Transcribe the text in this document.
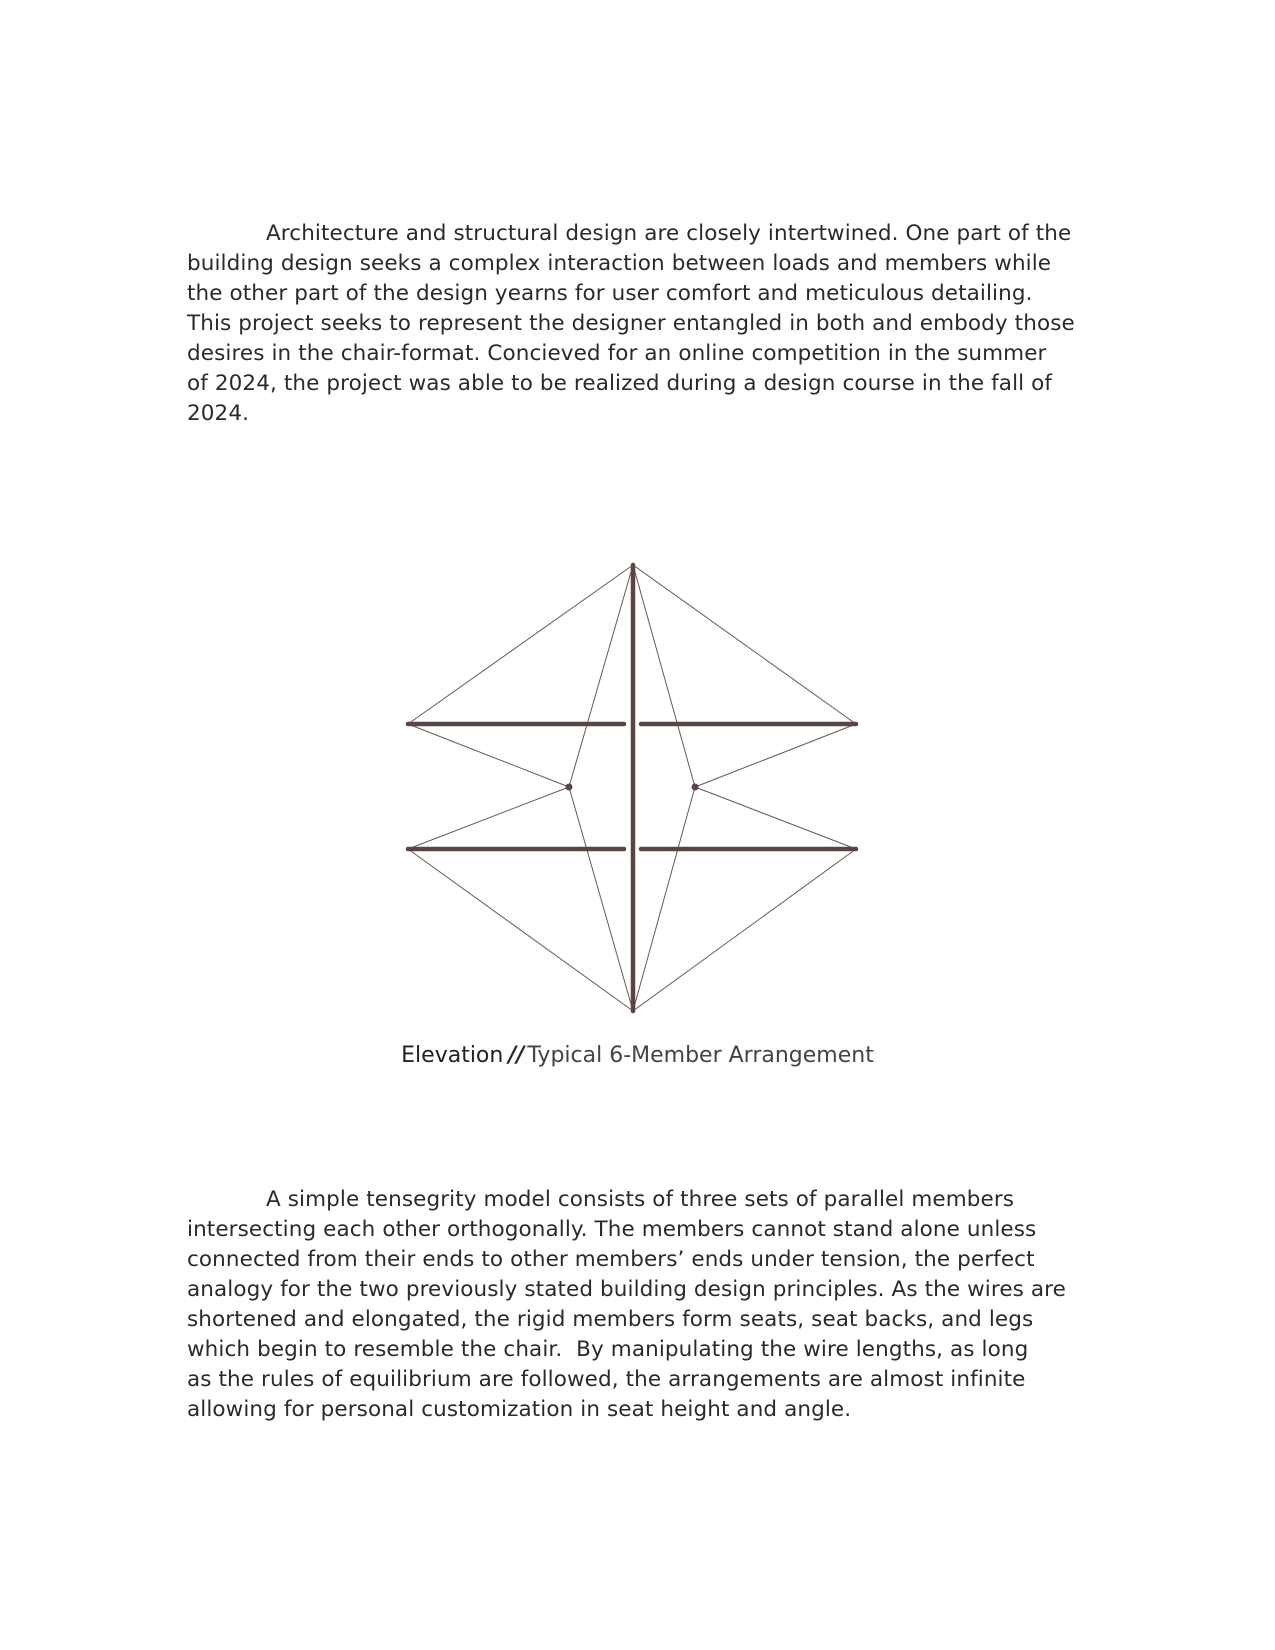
Architecture and structural design are closely intertwined. One part of the
building design seeks a complex interaction between loads and members while
the other part of the design yearns for user comfort and meticulous detailing.
This project seeks to represent the designer entangled in both and embody those
desires in the chair-format. Concieved for an online competition in the summer
of 2024, the project was able to be realized during a design course in the fall of
2024.

Elevation // Typical 6-Member Arrangement

A simple tensegrity model consists of three sets of parallel members
intersecting each other orthogonally. The members cannot stand alone unless
connected from their ends to other members’ ends under tension, the perfect
analogy for the two previously stated building design principles. As the wires are
shortened and elongated, the rigid members form seats, seat backs, and legs
which begin to resemble the chair.  By manipulating the wire lengths, as long
as the rules of equilibrium are followed, the arrangements are almost infinite
allowing for personal customization in seat height and angle.
